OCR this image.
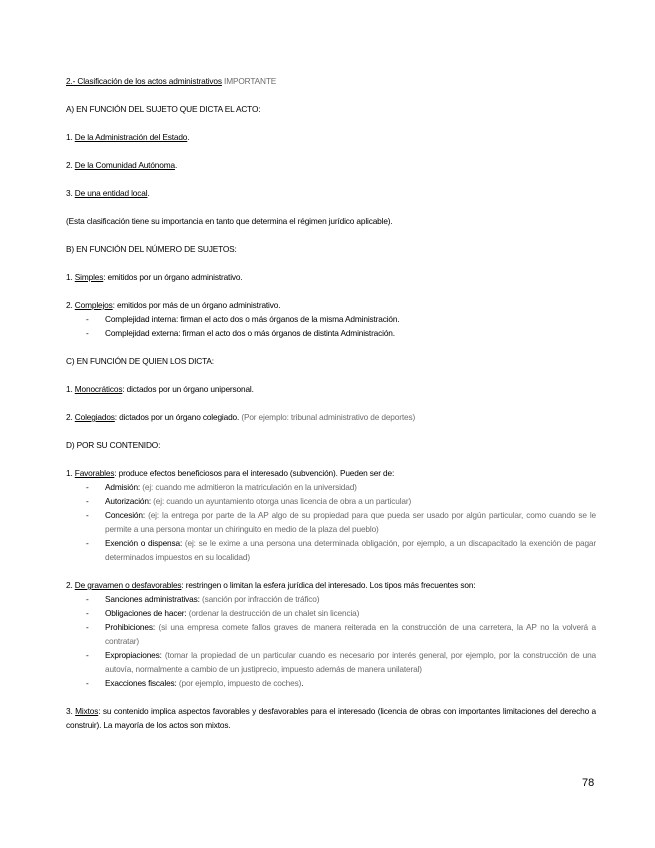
2.- Clasificación de los actos administrativos IMPORTANTE

A) EN FUNCIÓN DEL SUJETO QUE DICTA EL ACTO:

1. De la Administración del Estado.

2. De la Comunidad Autónoma.

3. De una entidad local.

(Esta clasificación tiene su importancia en tanto que determina el régimen jurídico aplicable).

B) EN FUNCIÓN DEL NÚMERO DE SUJETOS:

1. Simples: emitidos por un órgano administrativo.

2. Complejos: emitidos por más de un órgano administrativo.

- Complejidad interna: firman el acto dos o más órganos de la misma Administración.
- Complejidad externa: firman el acto dos o más órganos de distinta Administración.

C) EN FUNCIÓN DE QUIEN LOS DICTA:

1. Monocráticos: dictados por un órgano unipersonal.

2. Colegiados: dictados por un órgano colegiado. (Por ejemplo: tribunal administrativo de deportes)

D) POR SU CONTENIDO:

1. Favorables: produce efectos beneficiosos para el interesado (subvención). Pueden ser de:

- Admisión: (ej: cuando me admitieron la matriculación en la universidad)
- Autorización: (ej: cuando un ayuntamiento otorga unas licencia de obra a un particular)
- Concesión: (ej: la entrega por parte de la AP algo de su propiedad para que pueda ser usado por algún particular, como cuando se le permite a una persona montar un chiringuito en medio de la plaza del pueblo)
- Exención o dispensa: (ej: se le exime a una persona una determinada obligación, por ejemplo, a un discapacitado la exención de pagar determinados impuestos en su localidad)

2. De gravamen o desfavorables: restringen o limitan la esfera jurídica del interesado. Los tipos más frecuentes son:

- Sanciones administrativas: (sanción por infracción de tráfico)
- Obligaciones de hacer: (ordenar la destrucción de un chalet sin licencia)
- Prohibiciones: (si una empresa comete fallos graves de manera reiterada en la construcción de una carretera, la AP no la volverá a contratar)
- Expropiaciones: (tomar la propiedad de un particular cuando es necesario por interés general, por ejemplo, por la construcción de una autovía, normalmente a cambio de un justiprecio, impuesto además de manera unilateral)
- Exacciones fiscales: (por ejemplo, impuesto de coches).

3. Mixtos: su contenido implica aspectos favorables y desfavorables para el interesado (licencia de obras con importantes limitaciones del derecho a construir). La mayoría de los actos son mixtos.

78
